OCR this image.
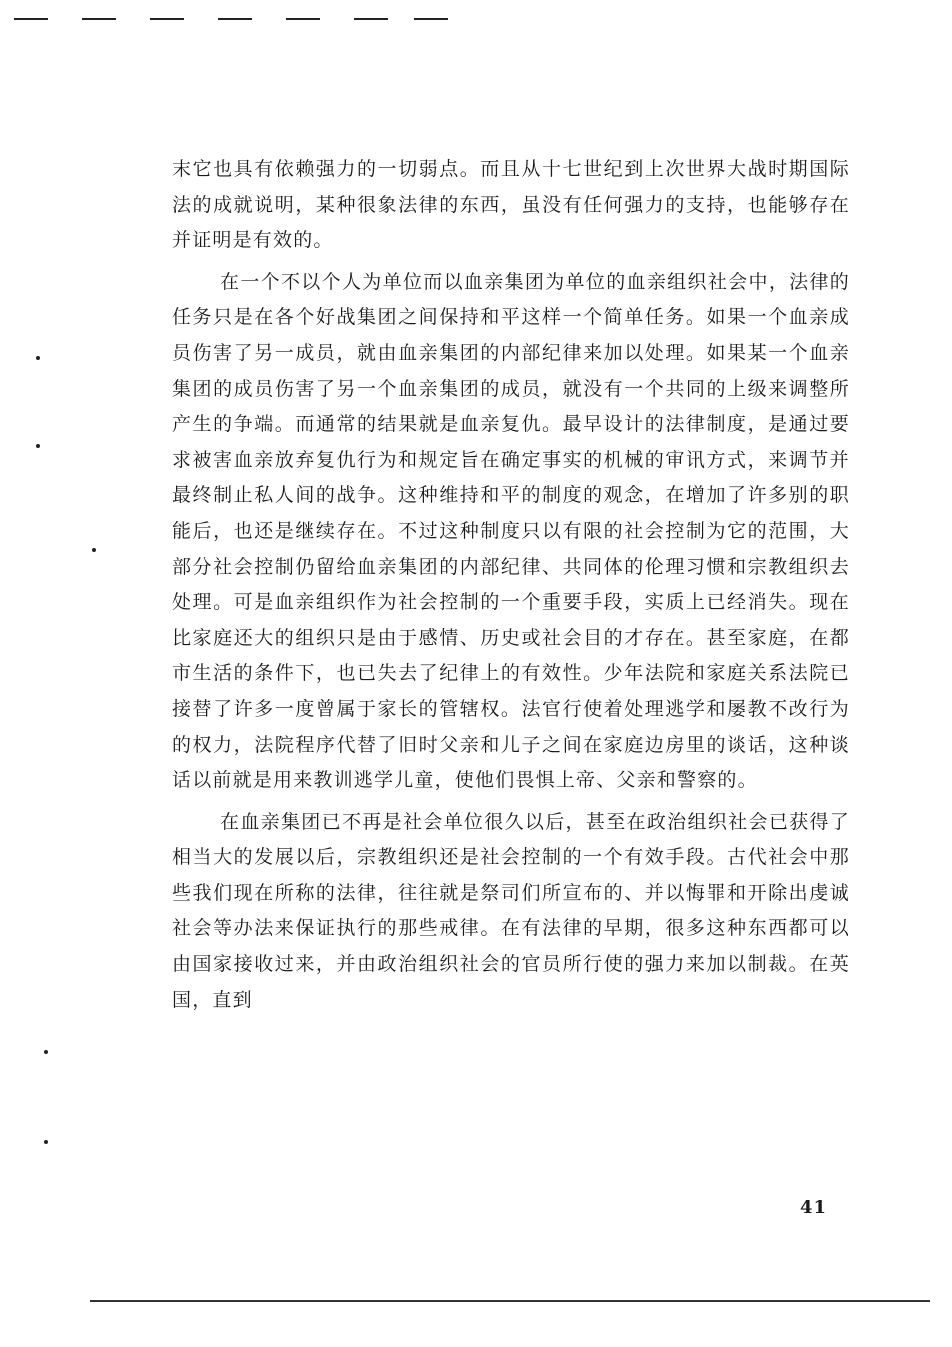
末它也具有依赖强力的一切弱点。而且从十七世纪到上次世界大战时期国际法的成就说明，某种很象法律的东西，虽没有任何强力的支持，也能够存在并证明是有效的。

在一个不以个人为单位而以血亲集团为单位的血亲组织社会中，法律的任务只是在各个好战集团之间保持和平这样一个简单任务。如果一个血亲成员伤害了另一成员，就由血亲集团的内部纪律来加以处理。如果某一个血亲集团的成员伤害了另一个血亲集团的成员，就没有一个共同的上级来调整所产生的争端。而通常的结果就是血亲复仇。最早设计的法律制度，是通过要求被害血亲放弃复仇行为和规定旨在确定事实的机械的审讯方式，来调节并最终制止私人间的战争。这种维持和平的制度的观念，在增加了许多别的职能后，也还是继续存在。不过这种制度只以有限的社会控制为它的范围，大部分社会控制仍留给血亲集团的内部纪律、共同体的伦理习惯和宗教组织去处理。可是血亲组织作为社会控制的一个重要手段，实质上已经消失。现在比家庭还大的组织只是由于感情、历史或社会目的才存在。甚至家庭，在都市生活的条件下，也已失去了纪律上的有效性。少年法院和家庭关系法院已接替了许多一度曾属于家长的管辖权。法官行使着处理逃学和屡教不改行为的权力，法院程序代替了旧时父亲和儿子之间在家庭边房里的谈话，这种谈话以前就是用来教训逃学儿童，使他们畏惧上帝、父亲和警察的。

在血亲集团已不再是社会单位很久以后，甚至在政治组织社会已获得了相当大的发展以后，宗教组织还是社会控制的一个有效手段。古代社会中那些我们现在所称的法律，往往就是祭司们所宣布的、并以悔罪和开除出虔诚社会等办法来保证执行的那些戒律。在有法律的早期，很多这种东西都可以由国家接收过来，并由政治组织社会的官员所行使的强力来加以制裁。在英国，直到

41
